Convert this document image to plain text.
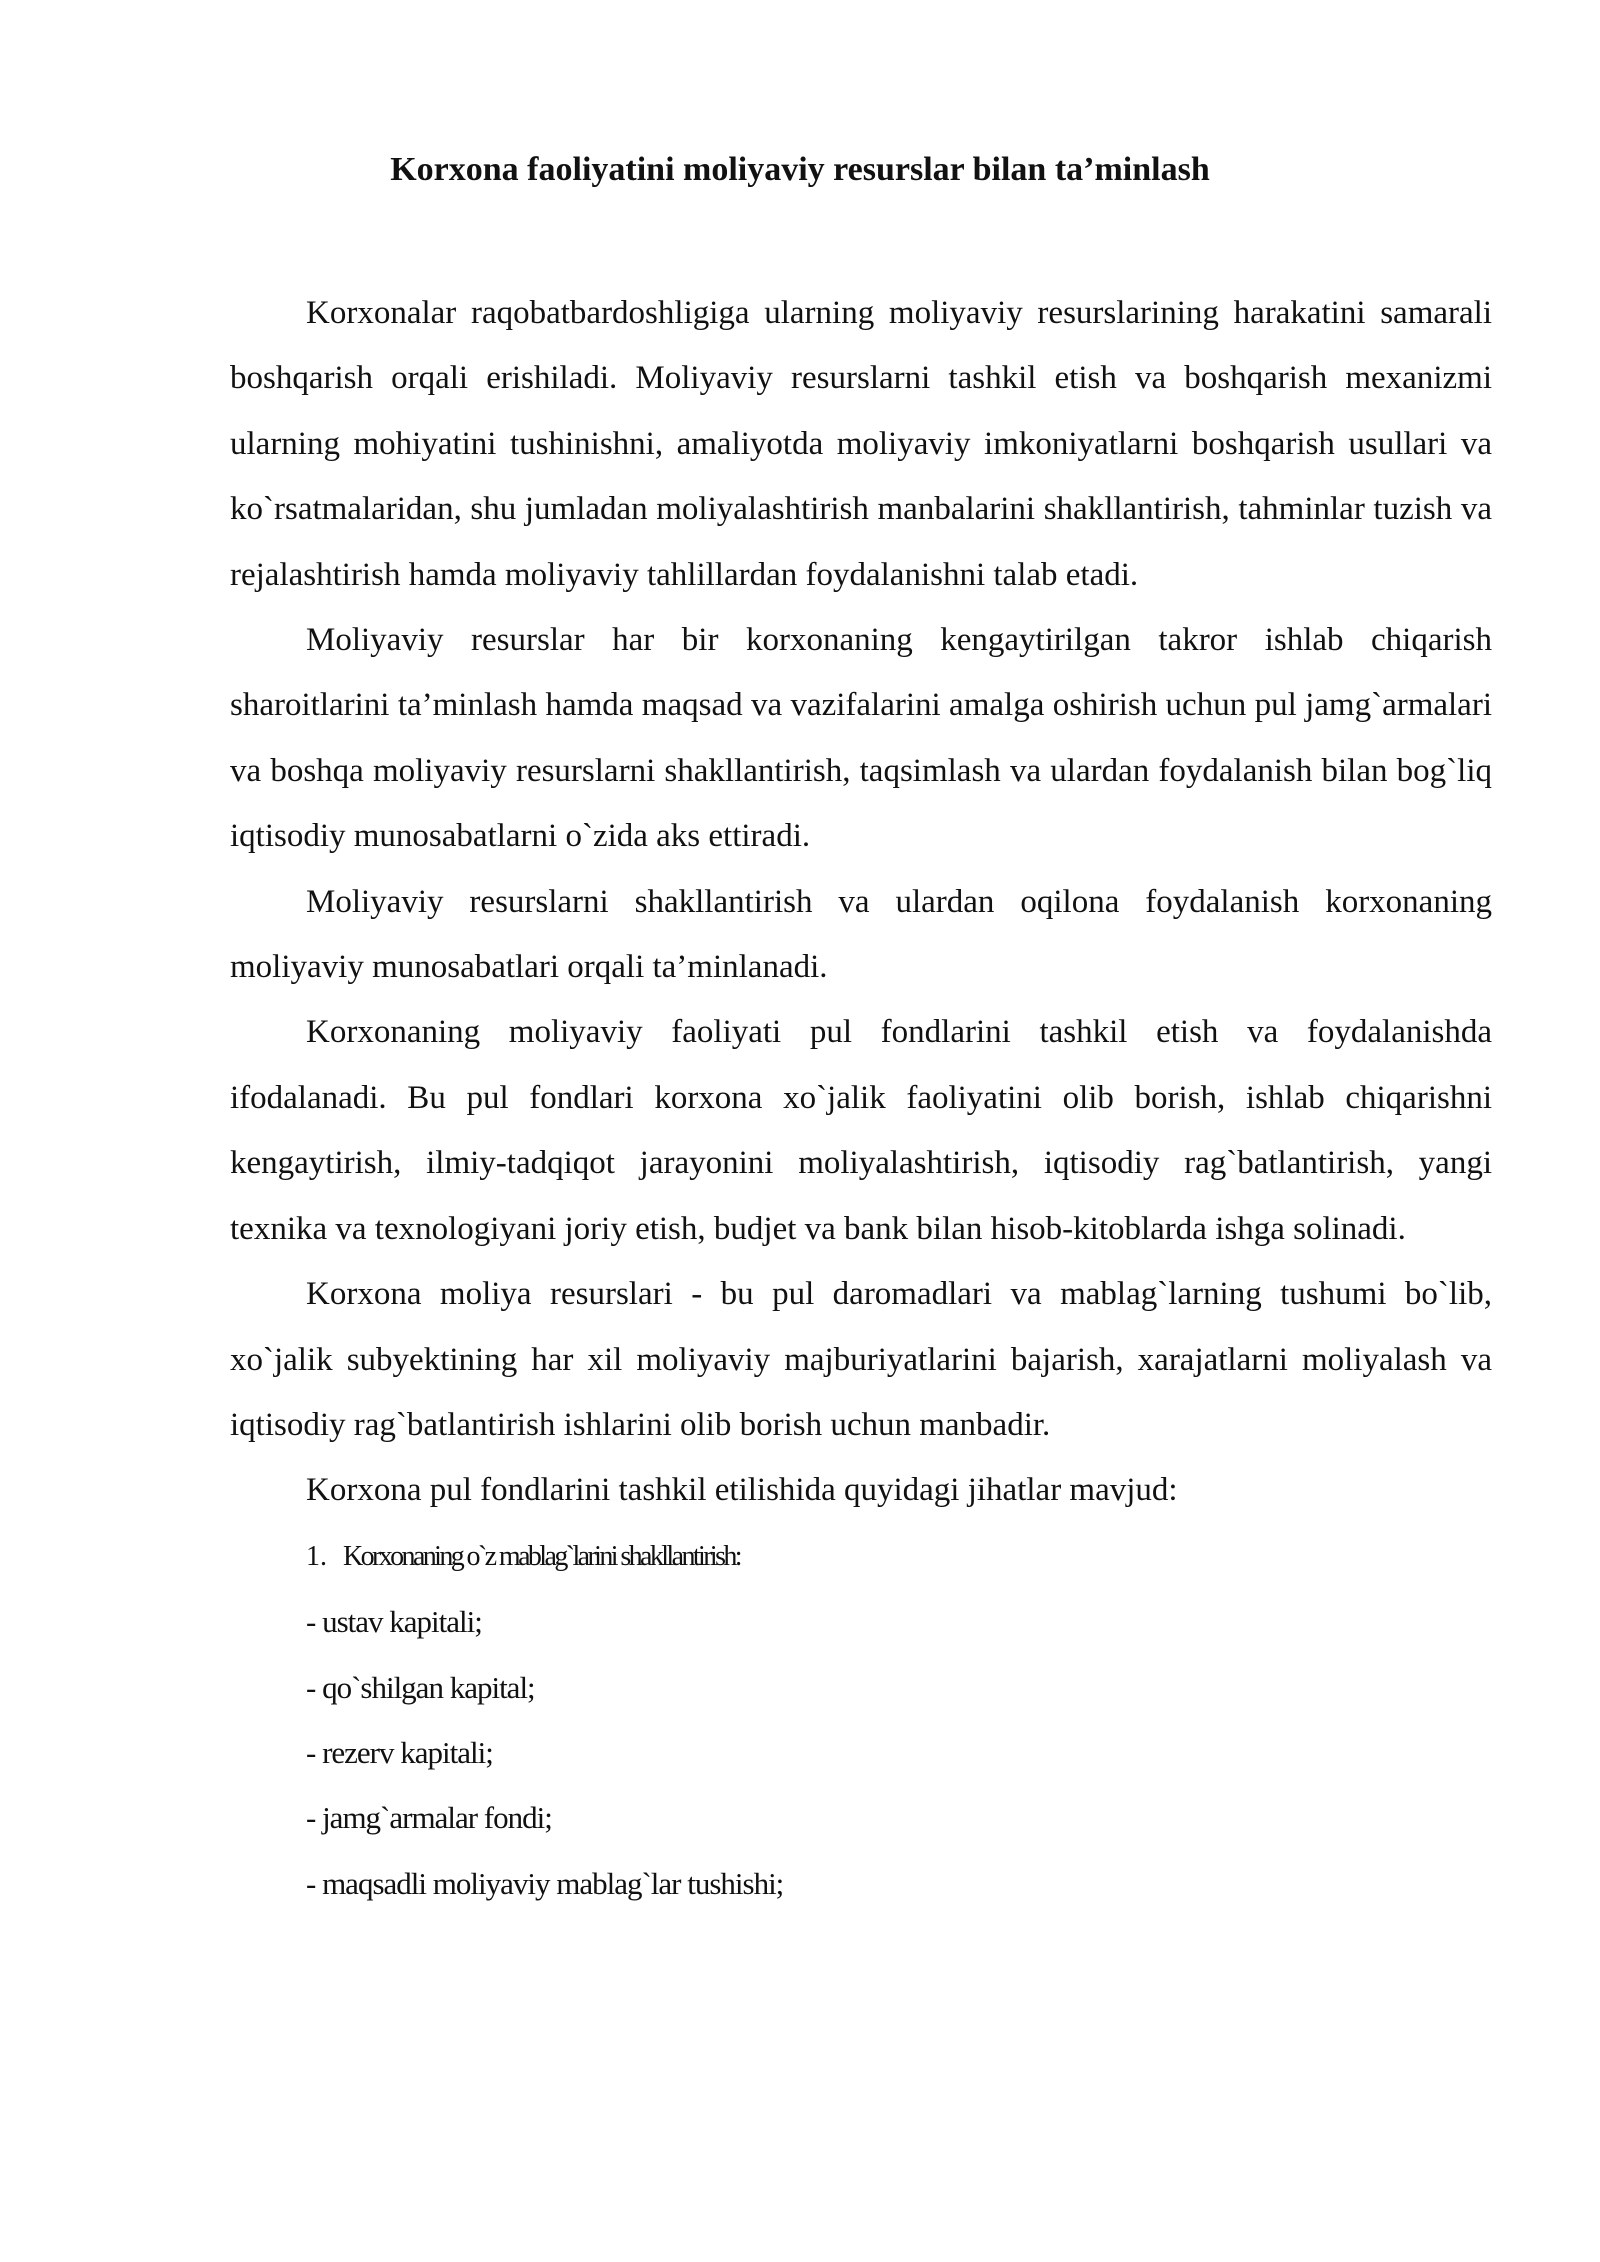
Korxona faoliyatini moliyaviy resurslar bilan ta’minlash

Korxonalar raqobatbardoshligiga ularning moliyaviy resurslarining harakatini samarali boshqarish orqali erishiladi. Moliyaviy resurslarni tashkil etish va boshqarish mexanizmi ularning mohiyatini tushinishni, amaliyotda moliyaviy imkoniyatlarni boshqarish usullari va ko`rsatmalaridan, shu jumladan moliyalashtirish manbalarini shakllantirish, tahminlar tuzish va rejalashtirish hamda moliyaviy tahlillardan foydalanishni talab etadi.

Moliyaviy resurslar har bir korxonaning kengaytirilgan takror ishlab chiqarish sharoitlarini ta’minlash hamda maqsad va vazifalarini amalga oshirish uchun pul jamg`armalari va boshqa moliyaviy resurslarni shakllantirish, taqsimlash va ulardan foydalanish bilan bog`liq iqtisodiy munosabatlarni o`zida aks ettiradi.

Moliyaviy resurslarni shakllantirish va ulardan oqilona foydalanish korxonaning moliyaviy munosabatlari orqali ta’minlanadi.

Korxonaning moliyaviy faoliyati pul fondlarini tashkil etish va foydalanishda ifodalanadi. Bu pul fondlari korxona xo`jalik faoliyatini olib borish, ishlab chiqarishni kengaytirish, ilmiy-tadqiqot jarayonini moliyalashtirish, iqtisodiy rag`batlantirish, yangi texnika va texnologiyani joriy etish, budjet va bank bilan hisob-kitoblarda ishga solinadi.

Korxona moliya resurslari - bu pul daromadlari va mablag`larning tushumi bo`lib, xo`jalik subyektining har xil moliyaviy majburiyatlarini bajarish, xarajatlarni moliyalash va iqtisodiy rag`batlantirish ishlarini olib borish uchun manbadir.

Korxona pul fondlarini tashkil etilishida quyidagi jihatlar mavjud:

1. Korxonaning o`z mablag`larini shakllantirish:

- ustav kapitali;
- qo`shilgan kapital;
- rezerv kapitali;
- jamg`armalar fondi;
- maqsadli moliyaviy mablag`lar tushishi;
